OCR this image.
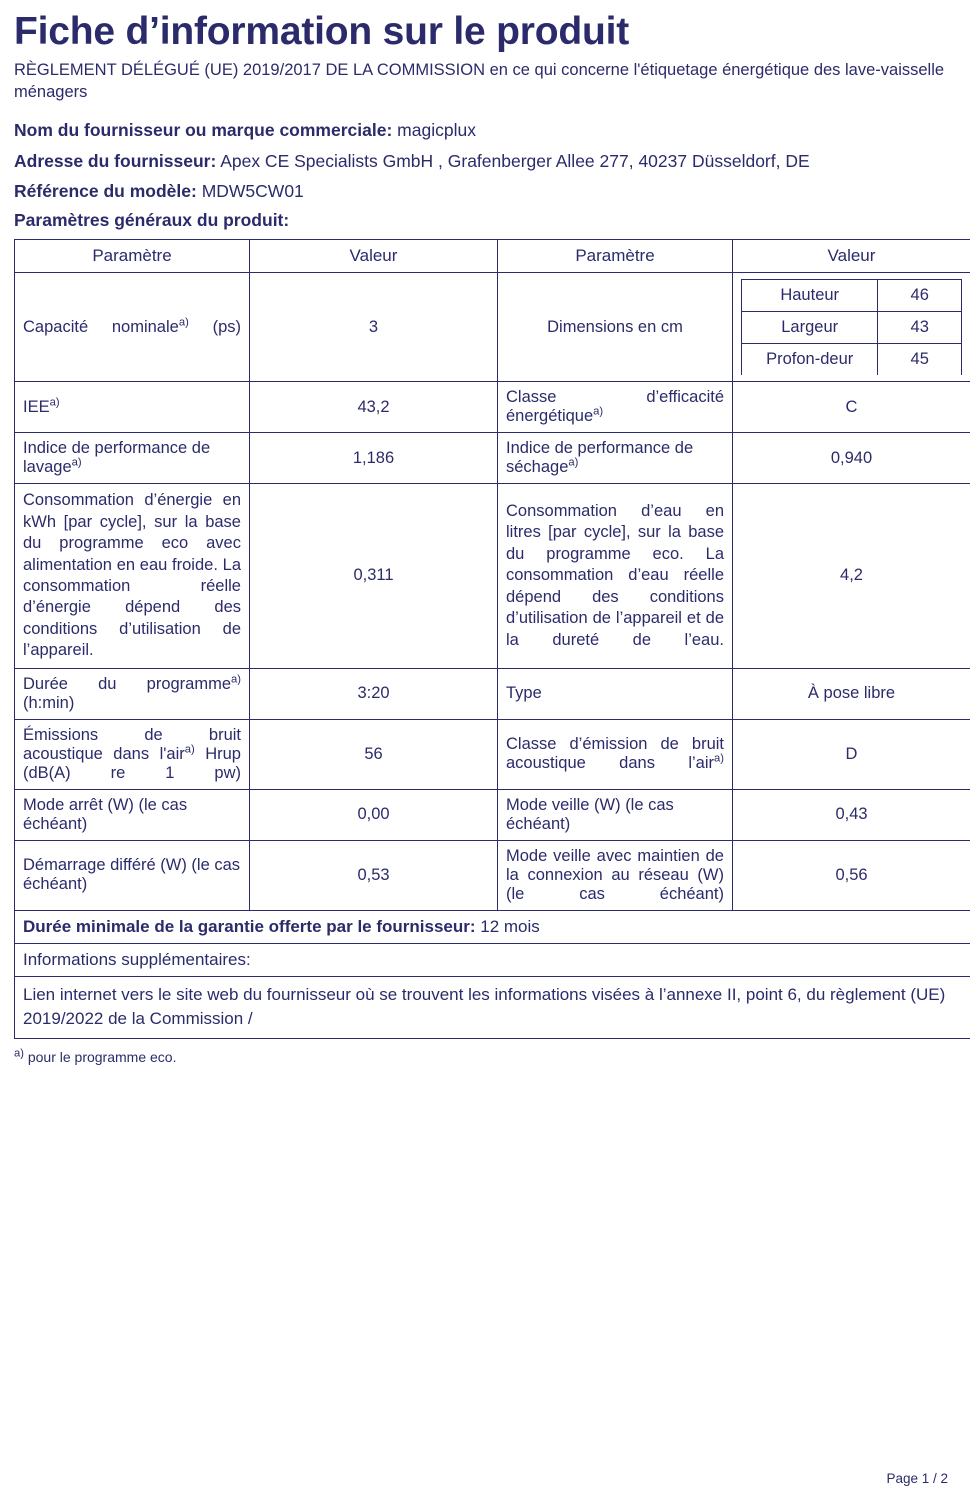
Fiche d’information sur le produit
RÈGLEMENT DÉLÉGUÉ (UE) 2019/2017 DE LA COMMISSION en ce qui concerne l'étiquetage énergétique des lave-vaisselle ménagers
Nom du fournisseur ou marque commerciale: magicplux
Adresse du fournisseur: Apex CE Specialists GmbH , Grafenberger Allee 277, 40237 Düsseldorf, DE
Référence du modèle: MDW5CW01
Paramètres généraux du produit:
Paramètre	Valeur	Paramètre	Valeur
Capacité nominale$^{a)}$ (ps)	3	Dimensions en cm	
Hauteur	46
Largeur	43
Profon-deur	45

IEE$^{a)}$	43,2	Classe d’efficacité énergétique$^{a)}$	C
Indice de performance de lavage$^{a)}$	1,186	Indice de performance de séchage$^{a)}$	0,940
Consommation d’énergie en kWh [par cycle], sur la base du programme eco avec alimentation en eau froide. La consommation réelle d’énergie dépend des conditions d’utilisation de l’appareil.	0,311	Consommation d’eau en litres [par cycle], sur la base du programme eco. La consommation d’eau réelle dépend des conditions d’utilisation de l’appareil et de la dureté de l’eau.	4,2
Durée du programme$^{a)}$ (h:min)	3:20	Type	À pose libre
Émissions de bruit acoustique dans l'air$^{a)}$ Hrup (dB(A) re 1 pw)	56	Classe d’émission de bruit acoustique dans l’air$^{a)}$	D
Mode arrêt (W) (le cas échéant)	0,00	Mode veille (W) (le cas échéant)	0,43
Démarrage différé (W) (le cas échéant)	0,53	Mode veille avec maintien de la connexion au réseau (W) (le cas échéant)	0,56
Durée minimale de la garantie offerte par le fournisseur: 12 mois
Informations supplémentaires:
Lien internet vers le site web du fournisseur où se trouvent les informations visées à l’annexe II, point 6, du règlement (UE) 2019/2022 de la Commission /
$^{a)}$ pour le programme eco.
Page 1 / 2
